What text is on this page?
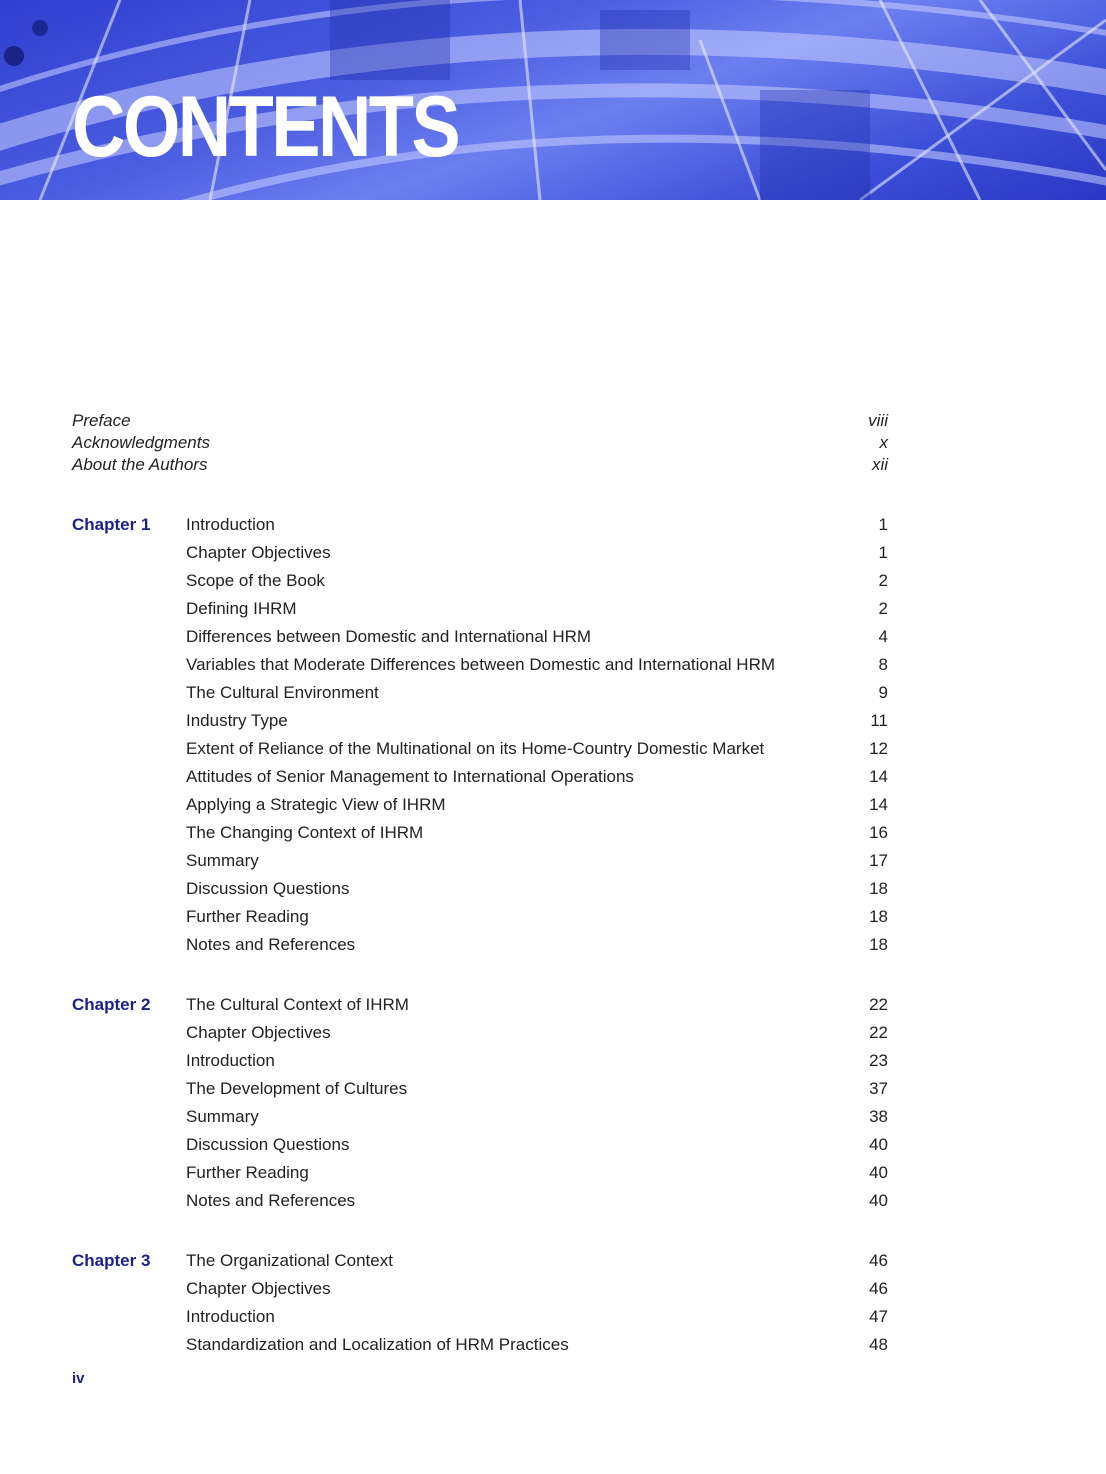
CONTENTS
Preface	viii
Acknowledgments	x
About the Authors	xii
Chapter 1	Introduction	1
Chapter Objectives	1
Scope of the Book	2
Defining IHRM	2
Differences between Domestic and International HRM	4
Variables that Moderate Differences between Domestic and International HRM	8
The Cultural Environment	9
Industry Type	11
Extent of Reliance of the Multinational on its Home-Country Domestic Market	12
Attitudes of Senior Management to International Operations	14
Applying a Strategic View of IHRM	14
The Changing Context of IHRM	16
Summary	17
Discussion Questions	18
Further Reading	18
Notes and References	18
Chapter 2	The Cultural Context of IHRM	22
Chapter Objectives	22
Introduction	23
The Development of Cultures	37
Summary	38
Discussion Questions	40
Further Reading	40
Notes and References	40
Chapter 3	The Organizational Context	46
Chapter Objectives	46
Introduction	47
Standardization and Localization of HRM Practices	48
iv
